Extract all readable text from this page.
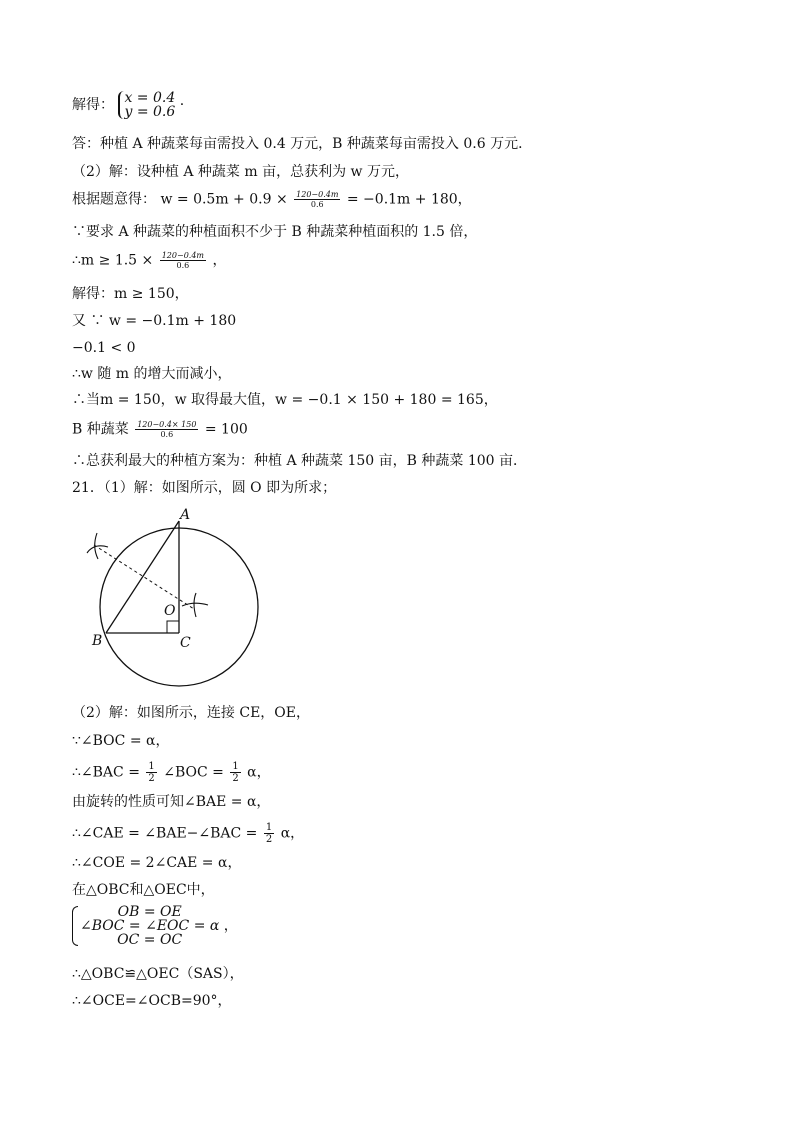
解得： x = 0.4
y = 0.6 ·
答：种植 A 种蔬菜每亩需投入 0.4 万元，B 种蔬菜每亩需投入 0.6 万元．
（2）解：设种植 A 种蔬菜 m 亩，总获利为 w 万元，
根据题意得： $w = 0.5m + 0.9 \times \frac{120-0.4m}{0.6} = -0.1m + 180$，
∵要求 A 种蔬菜的种植面积不少于 B 种蔬菜种植面积的 1.5 倍，
∴m ≥ $1.5 \times \frac{120-0.4m}{0.6}$ ，
解得：m ≥ 150，
又 ∵ w = −0.1m + 180
−0.1 < 0
∴w 随 m 的增大而减小，
∴当m = 150，w 取得最大值，w = −0.1 × 150 + 180 = 165，
B 种蔬菜 $\frac{120-0.4\times 150}{0.6} = 100$
∴总获利最大的种植方案为：种植 A 种蔬菜 150 亩，B 种蔬菜 100 亩．
21．（1）解：如图所示，圆 O 即为所求；
A
B	C
O
（2）解：如图所示，连接 CE，OE，
∵∠BOC = α，
∴∠BAC = $\frac{1}{2}$ ∠BOC = $\frac{1}{2}$ α，
由旋转的性质可知∠BAE = α，
∴∠CAE = ∠BAE−∠BAC = $\frac{1}{2}$ α，
∴∠COE = 2∠CAE = α，
在△OBC和△OEC中，
OB = OE
∠BOC = ∠EOC = α
OC = OC
，
∴△OBC≌△OEC（SAS），
∴∠OCE=∠OCB=90°，
